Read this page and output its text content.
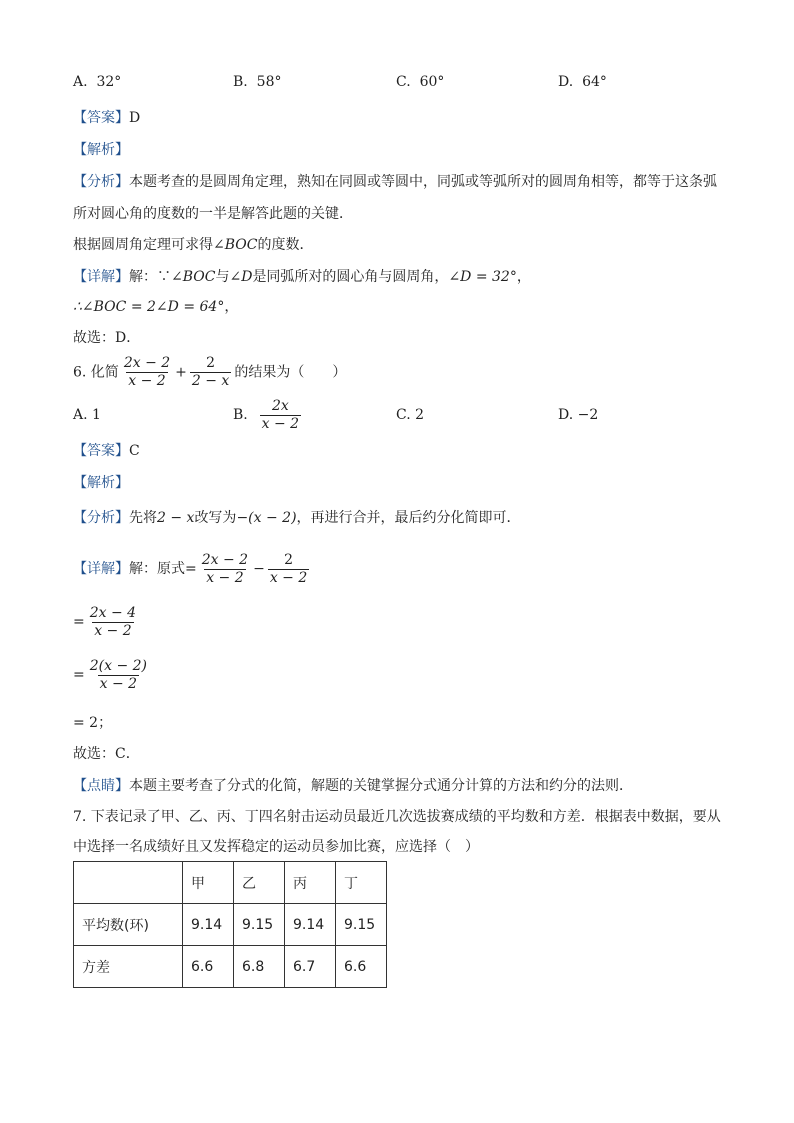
A. 32°	B. 58°	C. 60°	D. 64°
【答案】D
【解析】
【分析】本题考查的是圆周角定理，熟知在同圆或等圆中，同弧或等弧所对的圆周角相等，都等于这条弧
所对圆心角的度数的一半是解答此题的关键．
根据圆周角定理可求得∠BOC的度数．
【详解】解：∵∠BOC与∠D是同弧所对的圆心角与圆周角，∠D = 32°，
∴∠BOC = 2∠D = 64°，
故选：D．
6. 化简 $\frac{2x - 2}{x - 2} + \frac{2}{2 - x}$ 的结果为（　　）
A. 1	B. $\frac{2x}{x - 2}$	C. 2	D. −2
【答案】C
【解析】
【分析】先将2 − x改写为−(x − 2)，再进行合并，最后约分化简即可．
【详解】解：原式= $\frac{2x - 2}{x - 2} - \frac{2}{x - 2}$
= $\frac{2x - 4}{x - 2}$
= $\frac{2(x - 2)}{x - 2}$
= 2；
故选：C．
【点睛】本题主要考查了分式的化简，解题的关键掌握分式通分计算的方法和约分的法则．
7. 下表记录了甲、乙、丙、丁四名射击运动员最近几次选拔赛成绩的平均数和方差．根据表中数据，要从
中选择一名成绩好且又发挥稳定的运动员参加比赛，应选择（　）
	甲	乙	丙	丁
平均数(环)	9.14	9.15	9.14	9.15
方差	6.6	6.8	6.7	6.6
